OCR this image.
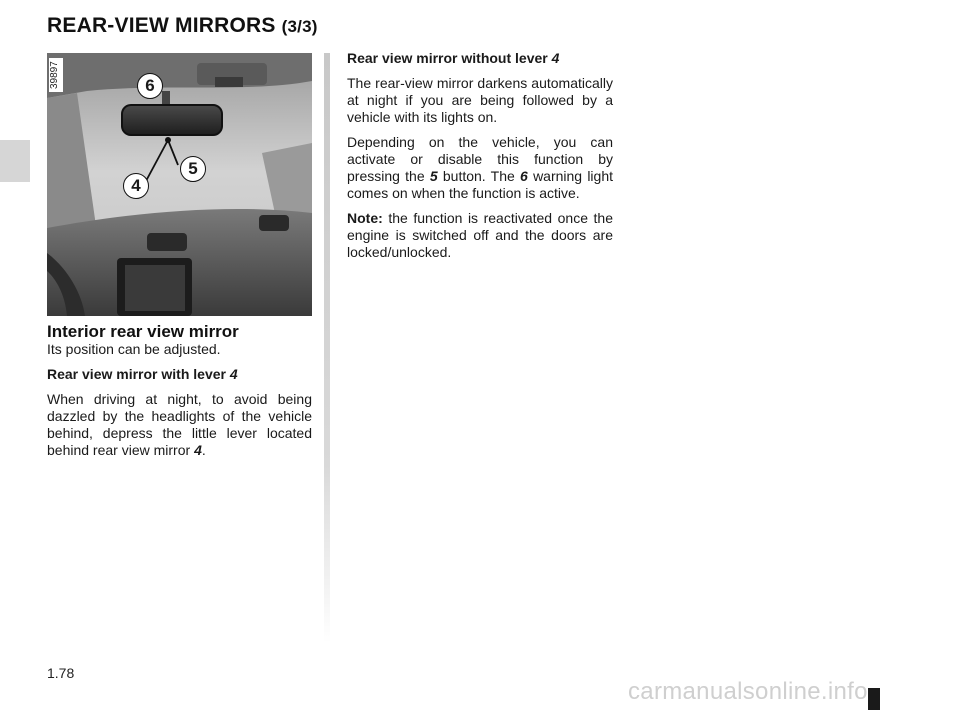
REAR-VIEW MIRRORS (3/3)
6
5
4
39897
Interior rear view mirror

Its position can be adjusted.

Rear view mirror with lever 4

When driving at night, to avoid being dazzled by the headlights of the vehicle behind, depress the little lever located behind rear view mirror 4.

Rear view mirror without lever 4

The rear-view mirror darkens automatically at night if you are being followed by a vehicle with its lights on.

Depending on the vehicle, you can activate or disable this function by pressing the 5 button. The 6 warning light comes on when the function is active.

Note: the function is reactivated once the engine is switched off and the doors are locked/unlocked.

1.78
carmanualsonline.info
